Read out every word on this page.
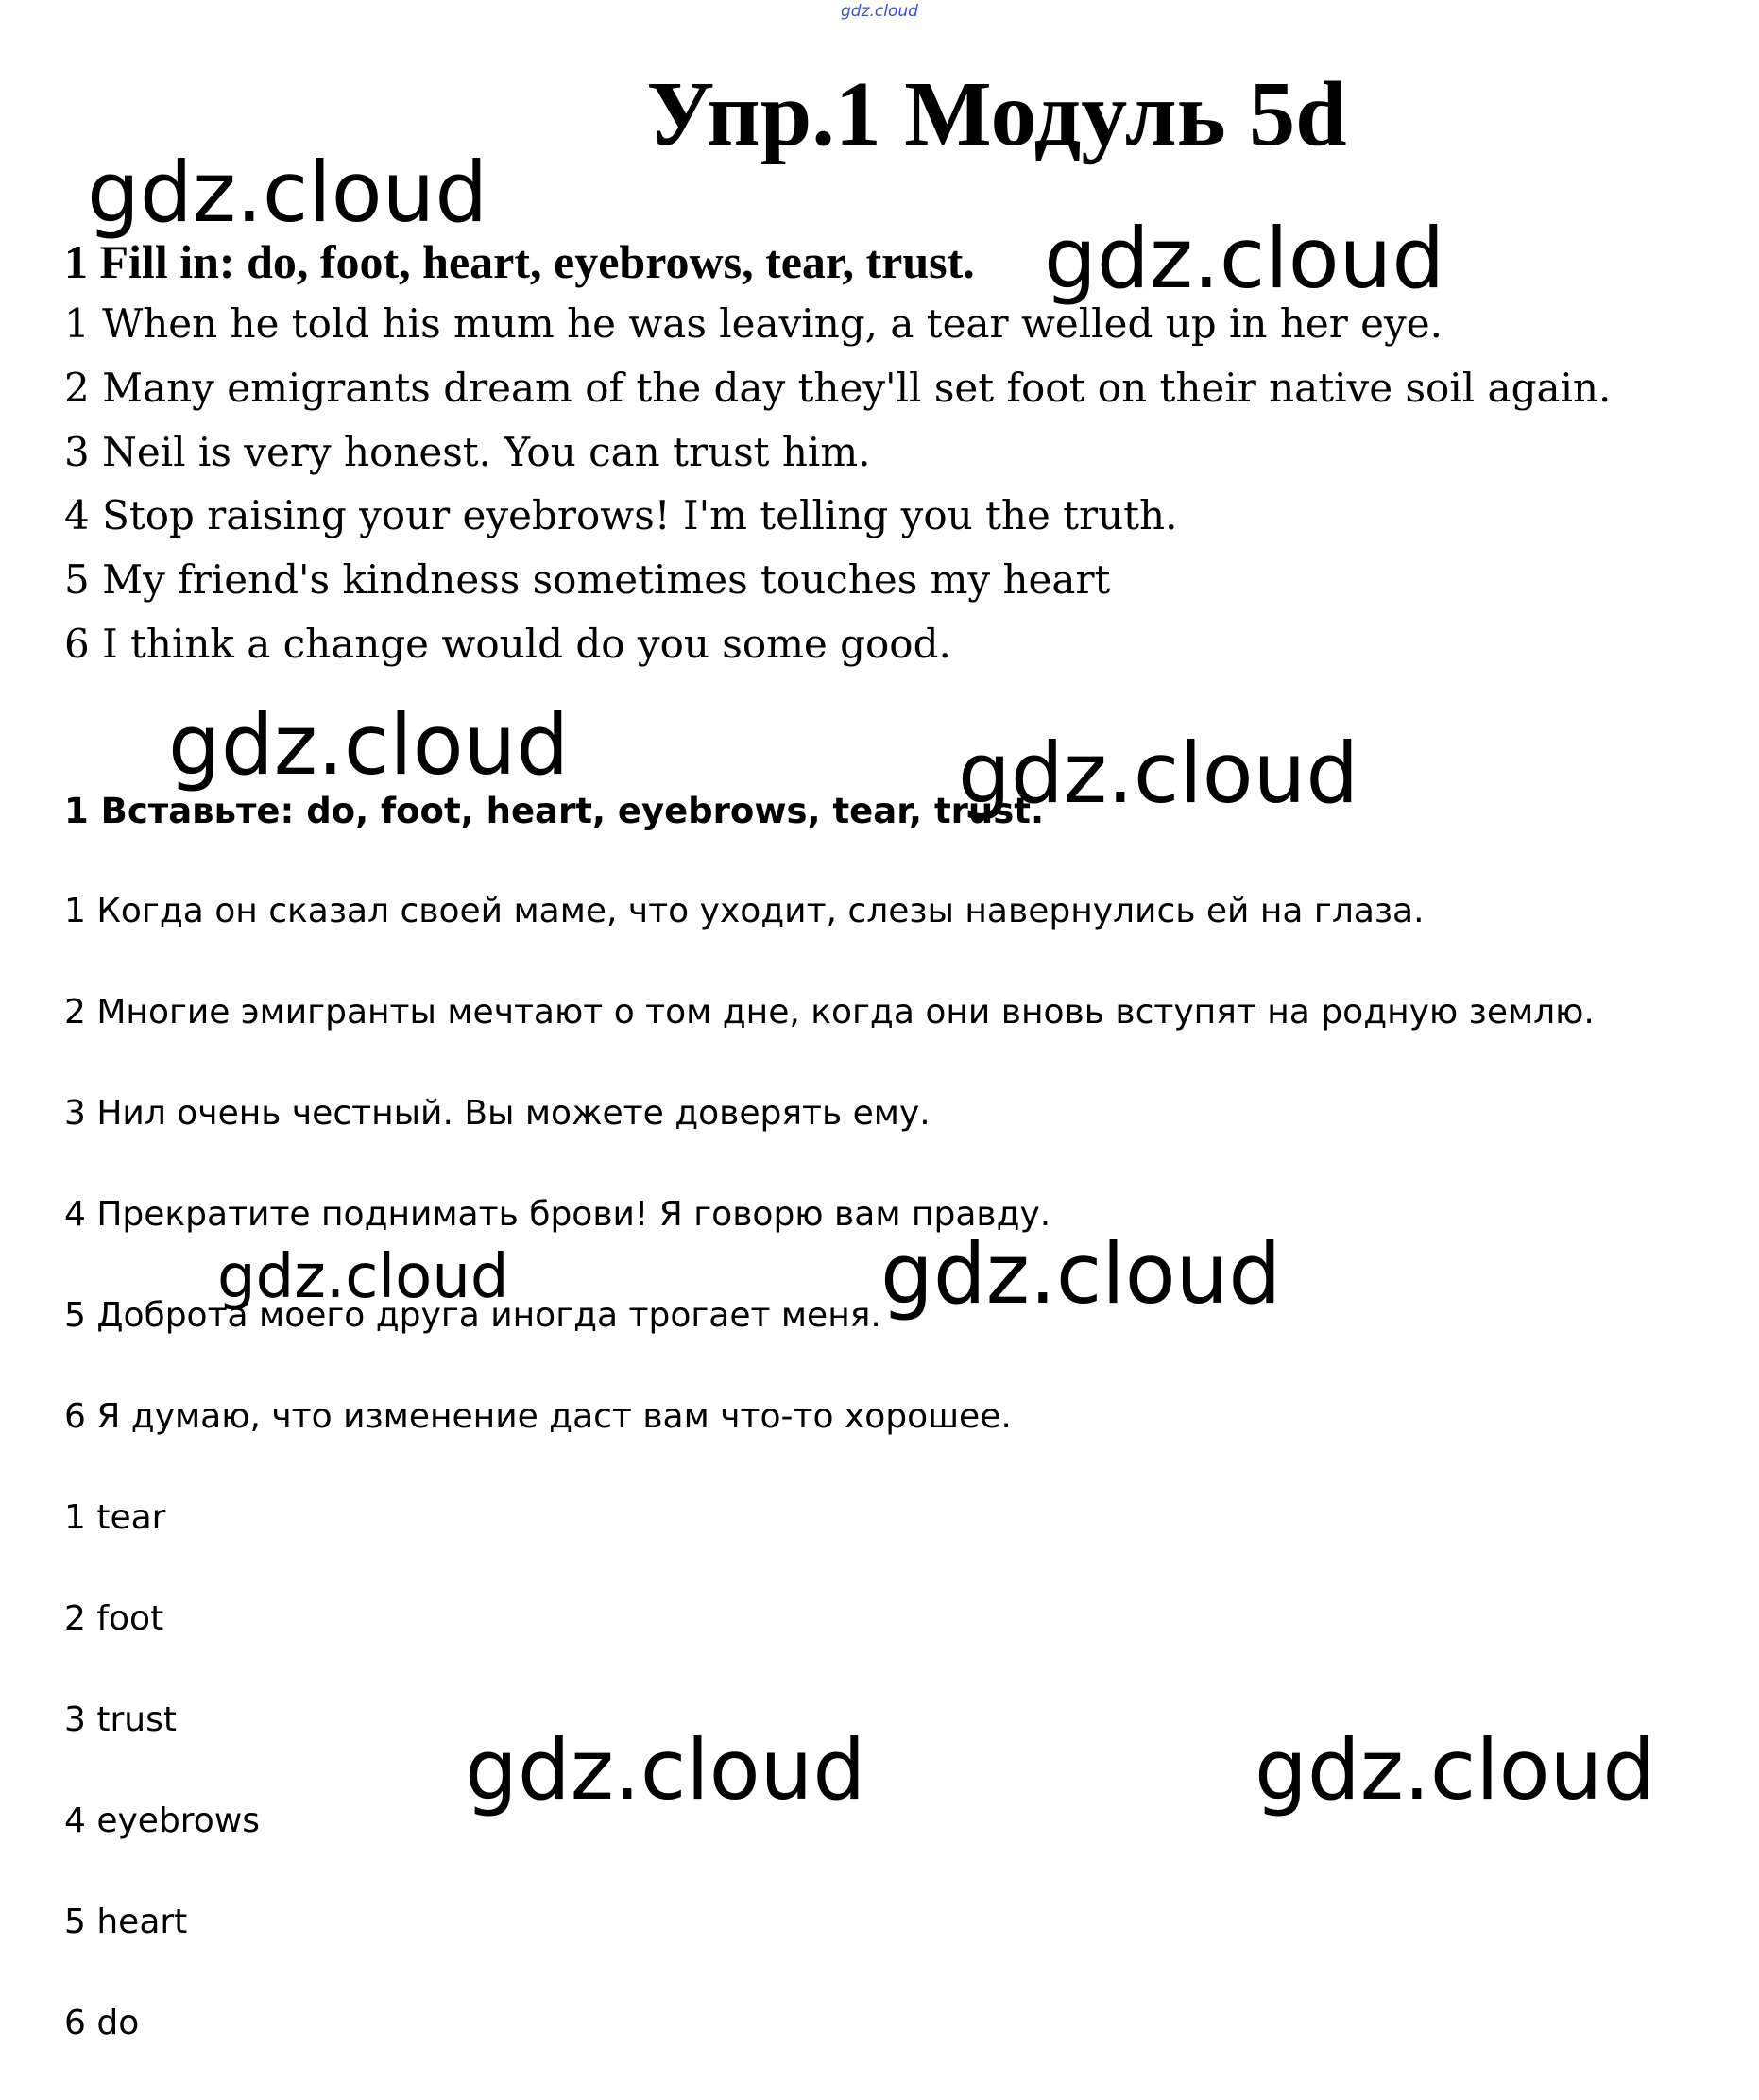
gdz.cloud
Упр.1 Модуль 5d
1 Fill in: do, foot, heart, eyebrows, tear, trust.
1 When he told his mum he was leaving, a tear welled up in her eye.
2 Many emigrants dream of the day they'll set foot on their native soil again.
3 Neil is very honest. You can trust him.
4 Stop raising your eyebrows! I'm telling you the truth.
5 My friend's kindness sometimes touches my heart
6 I think a change would do you some good.
1 Вставьте: do, foot, heart, eyebrows, tear, trust.
1 Когда он сказал своей маме, что уходит, слезы навернулись ей на глаза.
2 Многие эмигранты мечтают о том дне, когда они вновь вступят на родную землю.
3 Нил очень честный. Вы можете доверять ему.
4 Прекратите поднимать брови! Я говорю вам правду.
5 Доброта моего друга иногда трогает меня.
6 Я думаю, что изменение даст вам что-то хорошее.
1 tear
2 foot
3 trust
4 eyebrows
5 heart
6 do
gdz.cloud
gdz.cloud
gdz.cloud	gdz.cloud
gdz.cloud	gdz.cloud
gdz.cloud	gdz.cloud
